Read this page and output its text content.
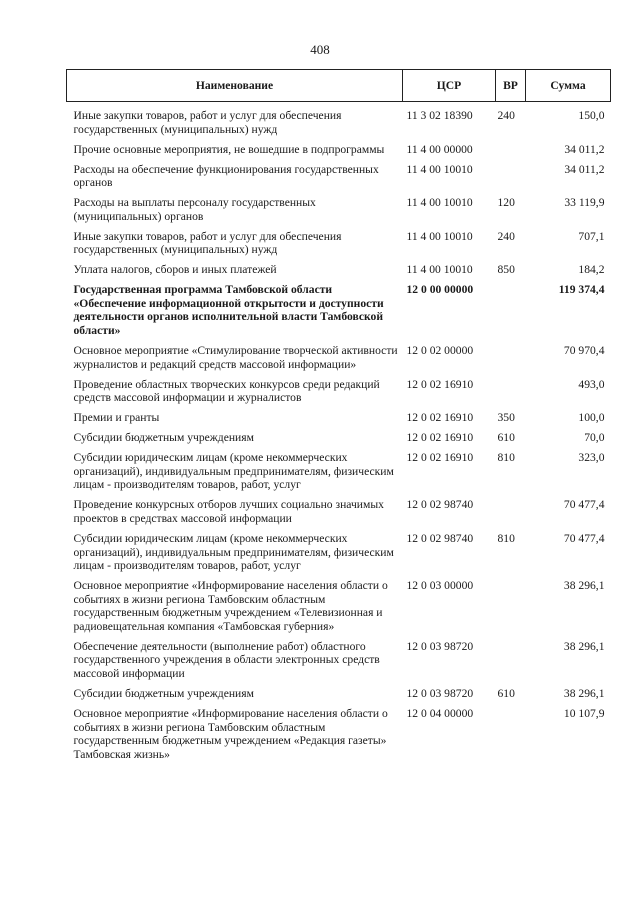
408
Наименование	ЦСР	ВР	Сумма
Иные закупки товаров, работ и услуг для обеспечения государственных (муниципальных) нужд	11 3 02 18390	240	150,0
Прочие основные мероприятия, не вошедшие в подпрограммы	11 4 00 00000		34 011,2
Расходы на обеспечение функционирования государственных органов	11 4 00 10010		34 011,2
Расходы на выплаты персоналу государственных (муниципальных) органов	11 4 00 10010	120	33 119,9
Иные закупки товаров, работ и услуг для обеспечения государственных (муниципальных) нужд	11 4 00 10010	240	707,1
Уплата налогов, сборов и иных платежей	11 4 00 10010	850	184,2
Государственная программа Тамбовской области «Обеспечение информационной открытости и доступности деятельности органов исполнительной власти Тамбовской области»	12 0 00 00000		119 374,4
Основное мероприятие «Стимулирование творческой активности журналистов и редакций средств массовой информации»	12 0 02 00000		70 970,4
Проведение областных творческих конкурсов среди редакций средств массовой информации и журналистов	12 0 02 16910		493,0
Премии и гранты	12 0 02 16910	350	100,0
Субсидии бюджетным учреждениям	12 0 02 16910	610	70,0
Субсидии юридическим лицам (кроме некоммерческих организаций), индивидуальным предпринимателям, физическим лицам - производителям товаров, работ, услуг	12 0 02 16910	810	323,0
Проведение конкурсных отборов лучших социально значимых проектов в средствах массовой информации	12 0 02 98740		70 477,4
Субсидии юридическим лицам (кроме некоммерческих организаций), индивидуальным предпринимателям, физическим лицам - производителям товаров, работ, услуг	12 0 02 98740	810	70 477,4
Основное мероприятие «Информирование населения области о событиях в жизни региона Тамбовским областным государственным бюджетным учреждением «Телевизионная и радиовещательная компания «Тамбовская губерния»	12 0 03 00000		38 296,1
Обеспечение деятельности (выполнение работ) областного государственного учреждения в области электронных средств массовой информации	12 0 03 98720		38 296,1
Субсидии бюджетным учреждениям	12 0 03 98720	610	38 296,1
Основное мероприятие «Информирование населения области о событиях в жизни региона Тамбовским областным государственным бюджетным учреждением «Редакция газеты» Тамбовская жизнь»	12 0 04 00000		10 107,9
